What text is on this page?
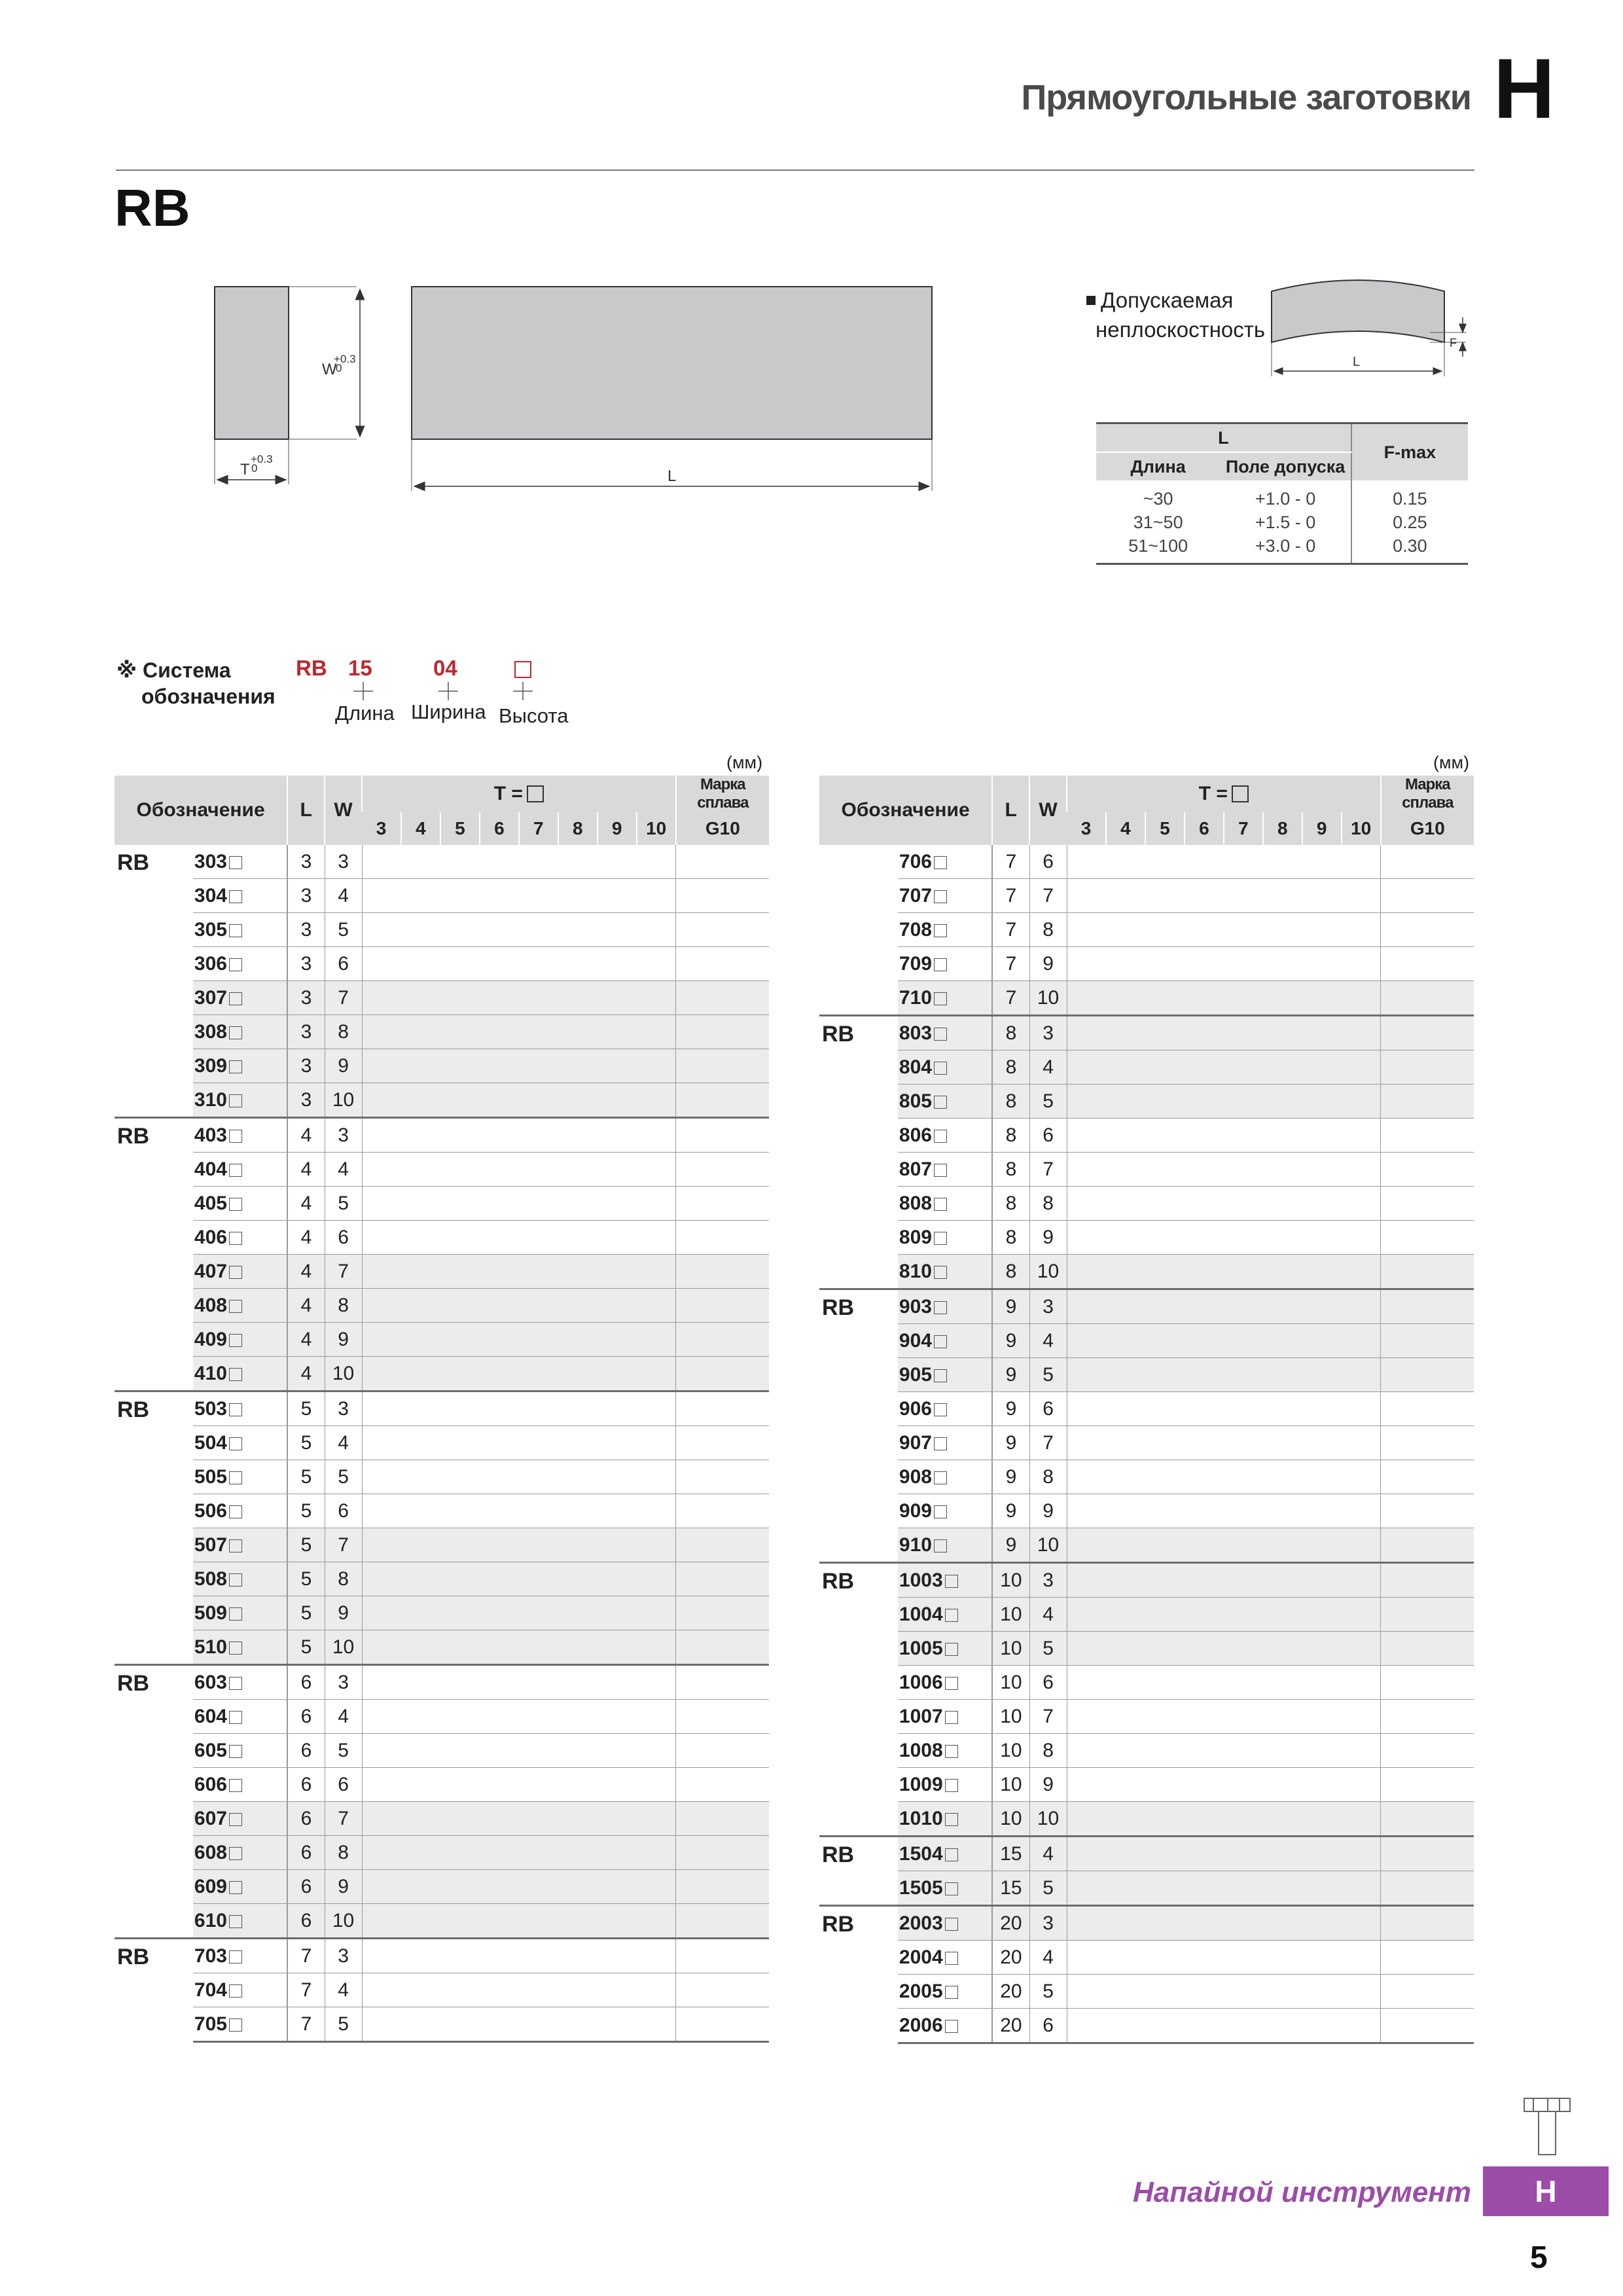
Прямоугольные заготовки H
RB
W
+0.3
0
T
+0.3
0	L
Допускаемая
неплоскостность
L
F
L		F-max
Длина	Поле допуска	
~30	+1.0 - 0	0.15
31~50	+1.5 - 0	0.25
51~100	+3.0 - 0	0.30
※ Система
обозначения
RB 15	04
Длина Ширина Высота
(мм)	(мм)
Обозначение		L	W	T =								Марка сплава
				3	4	5	6	7	8	9	10	G10
RB	303	3	3									
	304	3	4									
	305	3	5									
	306	3	6									
	307	3	7									
	308	3	8									
	309	3	9									
	310	3	10									
RB	403	4	3									
	404	4	4									
	405	4	5									
	406	4	6									
	407	4	7									
	408	4	8									
	409	4	9									
	410	4	10									
RB	503	5	3									
	504	5	4									
	505	5	5									
	506	5	6									
	507	5	7									
	508	5	8									
	509	5	9									
	510	5	10									
RB	603	6	3									
	604	6	4									
	605	6	5									
	606	6	6									
	607	6	7									
	608	6	8									
	609	6	9									
	610	6	10									
RB	703	7	3									
	704	7	4									
	705	7	5									
Обозначение		L	W	T =								Марка сплава
				3	4	5	6	7	8	9	10	G10
	706	7	6									
	707	7	7									
	708	7	8									
	709	7	9									
	710	7	10									
RB	803	8	3									
	804	8	4									
	805	8	5									
	806	8	6									
	807	8	7									
	808	8	8									
	809	8	9									
	810	8	10									
RB	903	9	3									
	904	9	4									
	905	9	5									
	906	9	6									
	907	9	7									
	908	9	8									
	909	9	9									
	910	9	10									
RB	1003	10	3									
	1004	10	4									
	1005	10	5									
	1006	10	6									
	1007	10	7									
	1008	10	8									
	1009	10	9									
	1010	10	10									
RB	1504	15	4									
	1505	15	5									
RB	2003	20	3									
	2004	20	4									
	2005	20	5									
	2006	20	6									
Напайной инструмент	H
5
